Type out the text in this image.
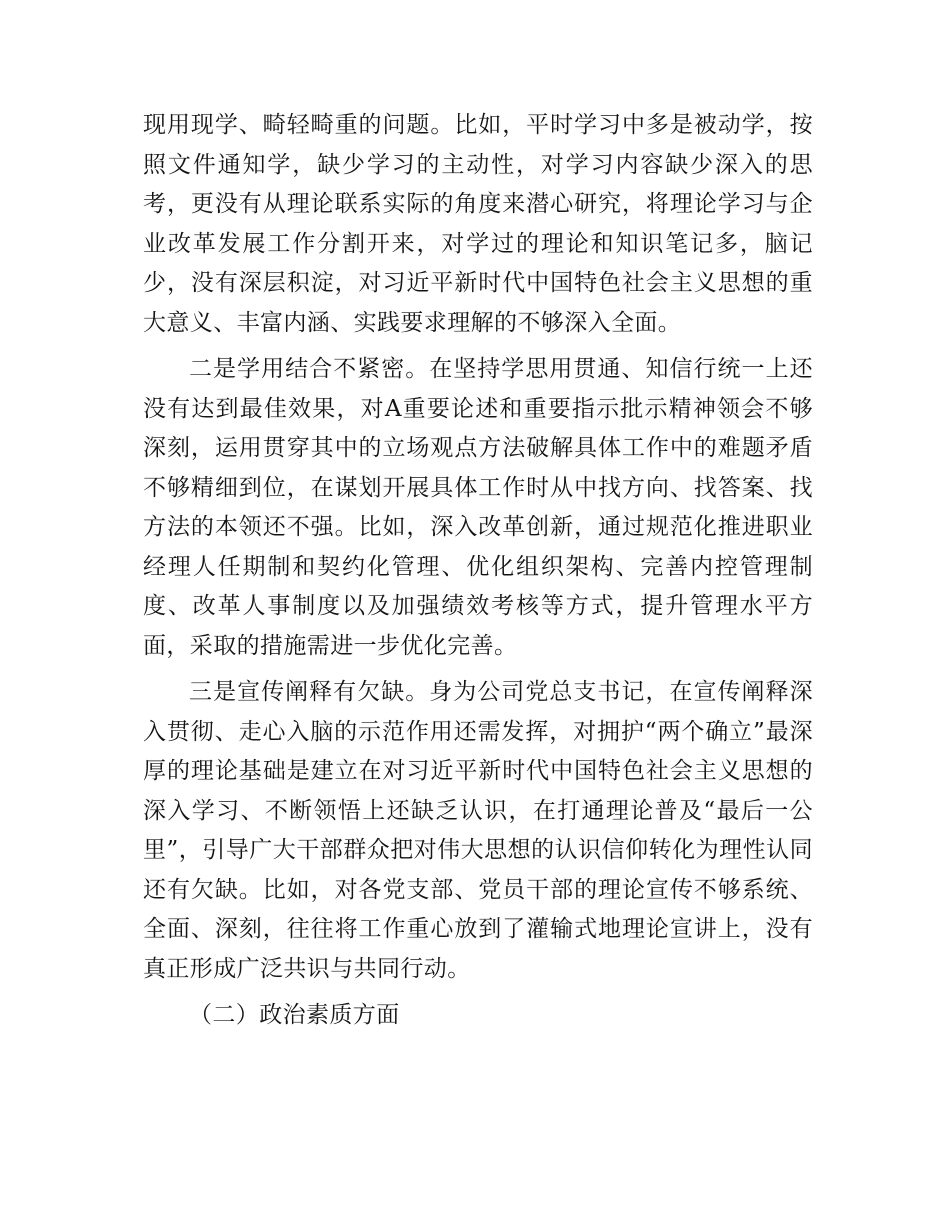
现用现学、畸轻畸重的问题。比如，平时学习中多是被动学，按照文件通知学，缺少学习的主动性，对学习内容缺少深入的思考，更没有从理论联系实际的角度来潜心研究，将理论学习与企业改革发展工作分割开来，对学过的理论和知识笔记多，脑记少，没有深层积淀，对习近平新时代中国特色社会主义思想的重大意义、丰富内涵、实践要求理解的不够深入全面。

二是学用结合不紧密。在坚持学思用贯通、知信行统一上还没有达到最佳效果，对A重要论述和重要指示批示精神领会不够深刻，运用贯穿其中的立场观点方法破解具体工作中的难题矛盾不够精细到位，在谋划开展具体工作时从中找方向、找答案、找方法的本领还不强。比如，深入改革创新，通过规范化推进职业经理人任期制和契约化管理、优化组织架构、完善内控管理制度、改革人事制度以及加强绩效考核等方式，提升管理水平方面，采取的措施需进一步优化完善。

三是宣传阐释有欠缺。身为公司党总支书记，在宣传阐释深入贯彻、走心入脑的示范作用还需发挥，对拥护“两个确立”最深厚的理论基础是建立在对习近平新时代中国特色社会主义思想的深入学习、不断领悟上还缺乏认识，在打通理论普及“最后一公里”，引导广大干部群众把对伟大思想的认识信仰转化为理性认同还有欠缺。比如，对各党支部、党员干部的理论宣传不够系统、全面、深刻，往往将工作重心放到了灌输式地理论宣讲上，没有真正形成广泛共识与共同行动。

（二）政治素质方面
